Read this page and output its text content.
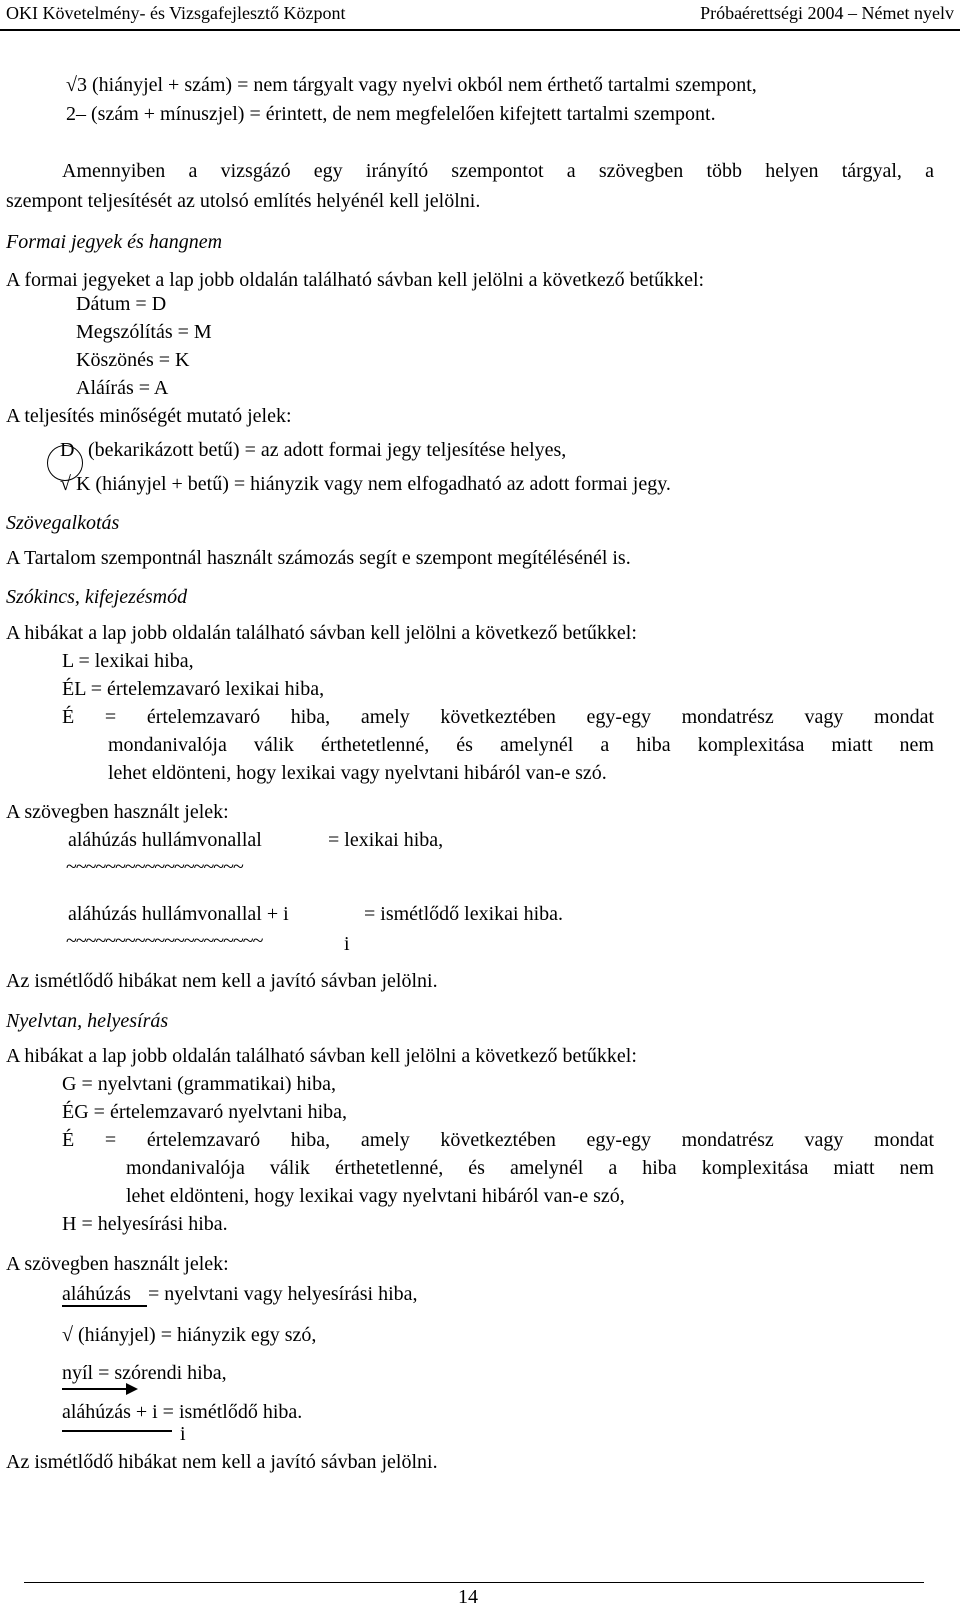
OKI Követelmény- és Vizsgafejlesztő Központ	Próbaérettségi 2004 – Német nyelv
√3 (hiányjel + szám) = nem tárgyalt vagy nyelvi okból nem érthető tartalmi szempont,
2– (szám + mínuszjel) = érintett, de nem megfelelően kifejtett tartalmi szempont.
Amennyiben a vizsgázó egy irányító szempontot a szövegben több helyen tárgyal, a
szempont teljesítését az utolsó említés helyénél kell jelölni.
Formai jegyek és hangnem
A formai jegyeket a lap jobb oldalán található sávban kell jelölni a következő betűkkel:
Dátum = D
Megszólítás = M
Köszönés = K
Aláírás = A
A teljesítés minőségét mutató jelek:
D (bekarikázott betű) = az adott formai jegy teljesítése helyes,
√ K (hiányjel + betű) = hiányzik vagy nem elfogadható az adott formai jegy.
Szövegalkotás
A Tartalom szempontnál használt számozás segít e szempont megítélésénél is.
Szókincs, kifejezésmód
A hibákat a lap jobb oldalán található sávban kell jelölni a következő betűkkel:
L = lexikai hiba,
ÉL = értelemzavaró lexikai hiba,
É = értelemzavaró hiba, amely következtében egy-egy mondatrész vagy mondat
mondanivalója válik érthetetlenné, és amelynél a hiba komplexitása miatt nem
lehet eldönteni, hogy lexikai vagy nyelvtani hibáról van-e szó.
A szövegben használt jelek:
aláhúzás hullámvonallal	= lexikai hiba,
~~~~~~~~~~~~~~~~~~
aláhúzás hullámvonallal + i	= ismétlődő lexikai hiba.
~~~~~~~~~~~~~~~~~~~~	i
Az ismétlődő hibákat nem kell a javító sávban jelölni.
Nyelvtan, helyesírás
A hibákat a lap jobb oldalán található sávban kell jelölni a következő betűkkel:
G = nyelvtani (grammatikai) hiba,
ÉG = értelemzavaró nyelvtani hiba,
É = értelemzavaró hiba, amely következtében egy-egy mondatrész vagy mondat
mondanivalója válik érthetetlenné, és amelynél a hiba komplexitása miatt nem
lehet eldönteni, hogy lexikai vagy nyelvtani hibáról van-e szó,
H = helyesírási hiba.
A szövegben használt jelek:
aláhúzás = nyelvtani vagy helyesírási hiba,
√ (hiányjel) = hiányzik egy szó,
nyíl = szórendi hiba,
aláhúzás + i = ismétlődő hiba.
i
Az ismétlődő hibákat nem kell a javító sávban jelölni.
14
